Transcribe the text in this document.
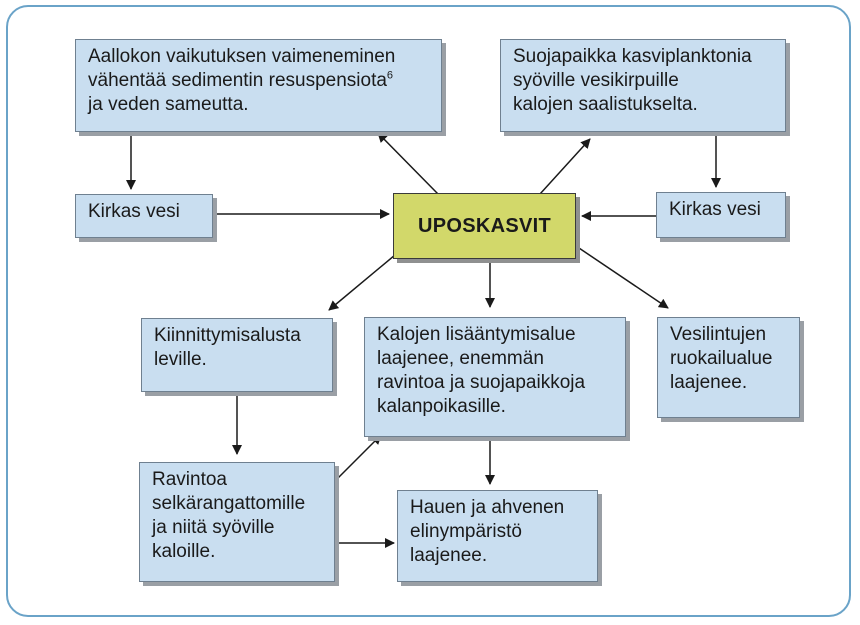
Aallokon vaikutuksen vaimeneminen
vähentää sedimentin resuspensiota$^6$
ja veden sameutta.
Suojapaikka kasviplanktonia
syöville vesikirpuille
kalojen saalistukselta.
Kirkas vesi
UPOSKASVIT
Kirkas vesi
Kiinnittymisalusta
leville.
Kalojen lisääntymisalue
laajenee, enemmän
ravintoa ja suojapaikkoja
kalanpoikasille.
Vesilintujen
ruokailualue
laajenee.
Ravintoa
selkärangattomille
ja niitä syöville
kaloille.
Hauen ja ahvenen
elinympäristö
laajenee.
